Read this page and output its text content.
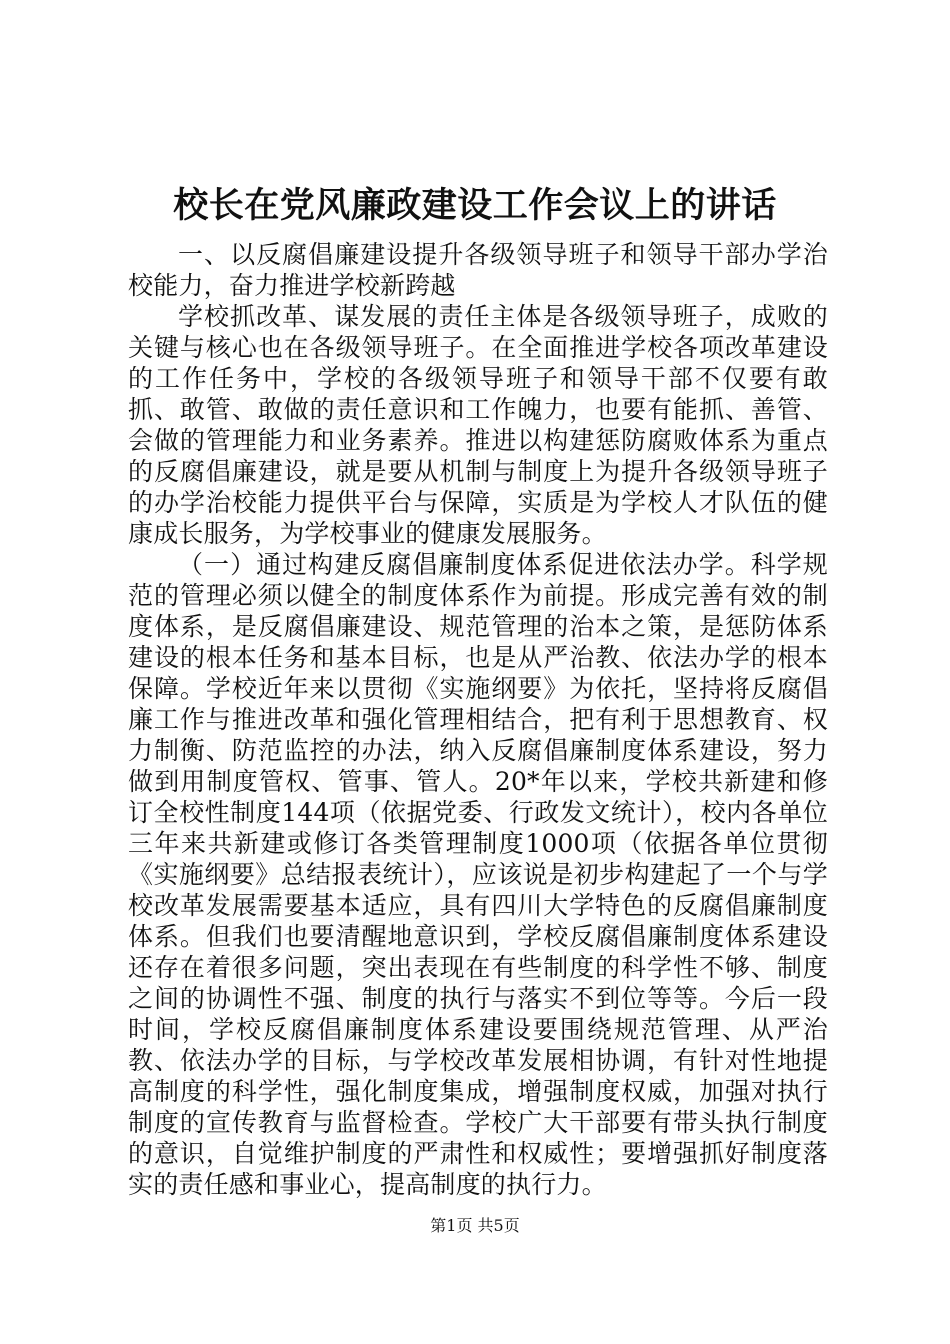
校长在党风廉政建设工作会议上的讲话

一、以反腐倡廉建设提升各级领导班子和领导干部办学治校能力，奋力推进学校新跨越

学校抓改革、谋发展的责任主体是各级领导班子，成败的关键与核心也在各级领导班子。在全面推进学校各项改革建设的工作任务中，学校的各级领导班子和领导干部不仅要有敢抓、敢管、敢做的责任意识和工作魄力，也要有能抓、善管、会做的管理能力和业务素养。推进以构建惩防腐败体系为重点的反腐倡廉建设，就是要从机制与制度上为提升各级领导班子的办学治校能力提供平台与保障，实质是为学校人才队伍的健康成长服务，为学校事业的健康发展服务。

（一）通过构建反腐倡廉制度体系促进依法办学。科学规范的管理必须以健全的制度体系作为前提。形成完善有效的制度体系，是反腐倡廉建设、规范管理的治本之策，是惩防体系建设的根本任务和基本目标，也是从严治教、依法办学的根本保障。学校近年来以贯彻《实施纲要》为依托，坚持将反腐倡廉工作与推进改革和强化管理相结合，把有利于思想教育、权力制衡、防范监控的办法，纳入反腐倡廉制度体系建设，努力做到用制度管权、管事、管人。20*年以来，学校共新建和修订全校性制度144项（依据党委、行政发文统计），校内各单位三年来共新建或修订各类管理制度1000项（依据各单位贯彻《实施纲要》总结报表统计），应该说是初步构建起了一个与学校改革发展需要基本适应，具有四川大学特色的反腐倡廉制度体系。但我们也要清醒地意识到，学校反腐倡廉制度体系建设还存在着很多问题，突出表现在有些制度的科学性不够、制度之间的协调性不强、制度的执行与落实不到位等等。今后一段时间，学校反腐倡廉制度体系建设要围绕规范管理、从严治教、依法办学的目标，与学校改革发展相协调，有针对性地提高制度的科学性，强化制度集成，增强制度权威，加强对执行制度的宣传教育与监督检查。学校广大干部要有带头执行制度的意识，自觉维护制度的严肃性和权威性；要增强抓好制度落实的责任感和事业心，提高制度的执行力。

第1页 共5页
